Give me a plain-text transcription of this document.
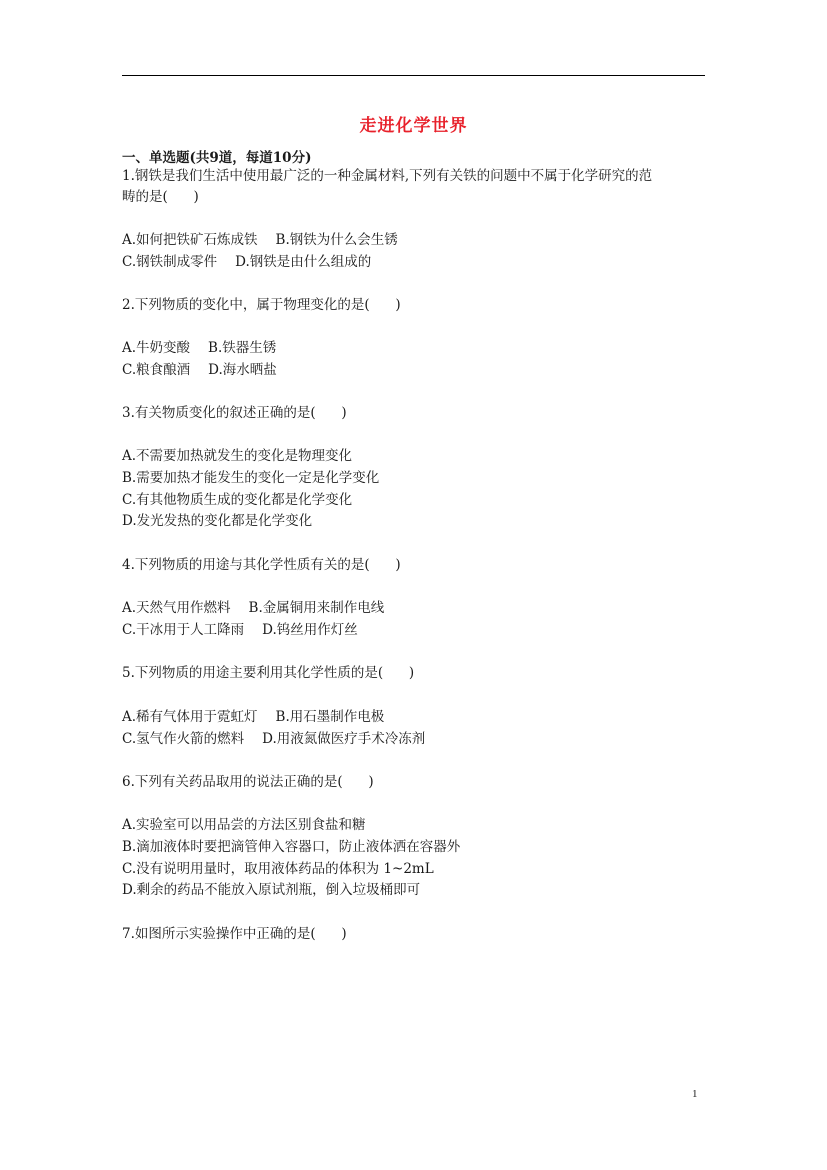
走进化学世界
一、单选题(共9道，每道10分)
1.钢铁是我们生活中使用最广泛的一种金属材料,下列有关铁的问题中不属于化学研究的范
畴的是(      )
A.如何把铁矿石炼成铁 B.钢铁为什么会生锈
C.钢铁制成零件 D.钢铁是由什么组成的
2.下列物质的变化中，属于物理变化的是(      )
A.牛奶变酸 B.铁器生锈
C.粮食酿酒 D.海水晒盐
3.有关物质变化的叙述正确的是(      )
A.不需要加热就发生的变化是物理变化
B.需要加热才能发生的变化一定是化学变化
C.有其他物质生成的变化都是化学变化
D.发光发热的变化都是化学变化
4.下列物质的用途与其化学性质有关的是(      )
A.天然气用作燃料 B.金属铜用来制作电线
C.干冰用于人工降雨 D.钨丝用作灯丝
5.下列物质的用途主要利用其化学性质的是(      )
A.稀有气体用于霓虹灯 B.用石墨制作电极
C.氢气作火箭的燃料 D.用液氮做医疗手术冷冻剂
6.下列有关药品取用的说法正确的是(      )
A.实验室可以用品尝的方法区别食盐和糖
B.滴加液体时要把滴管伸入容器口，防止液体洒在容器外
C.没有说明用量时，取用液体药品的体积为 1~2mL
D.剩余的药品不能放入原试剂瓶，倒入垃圾桶即可
7.如图所示实验操作中正确的是(      )
1
